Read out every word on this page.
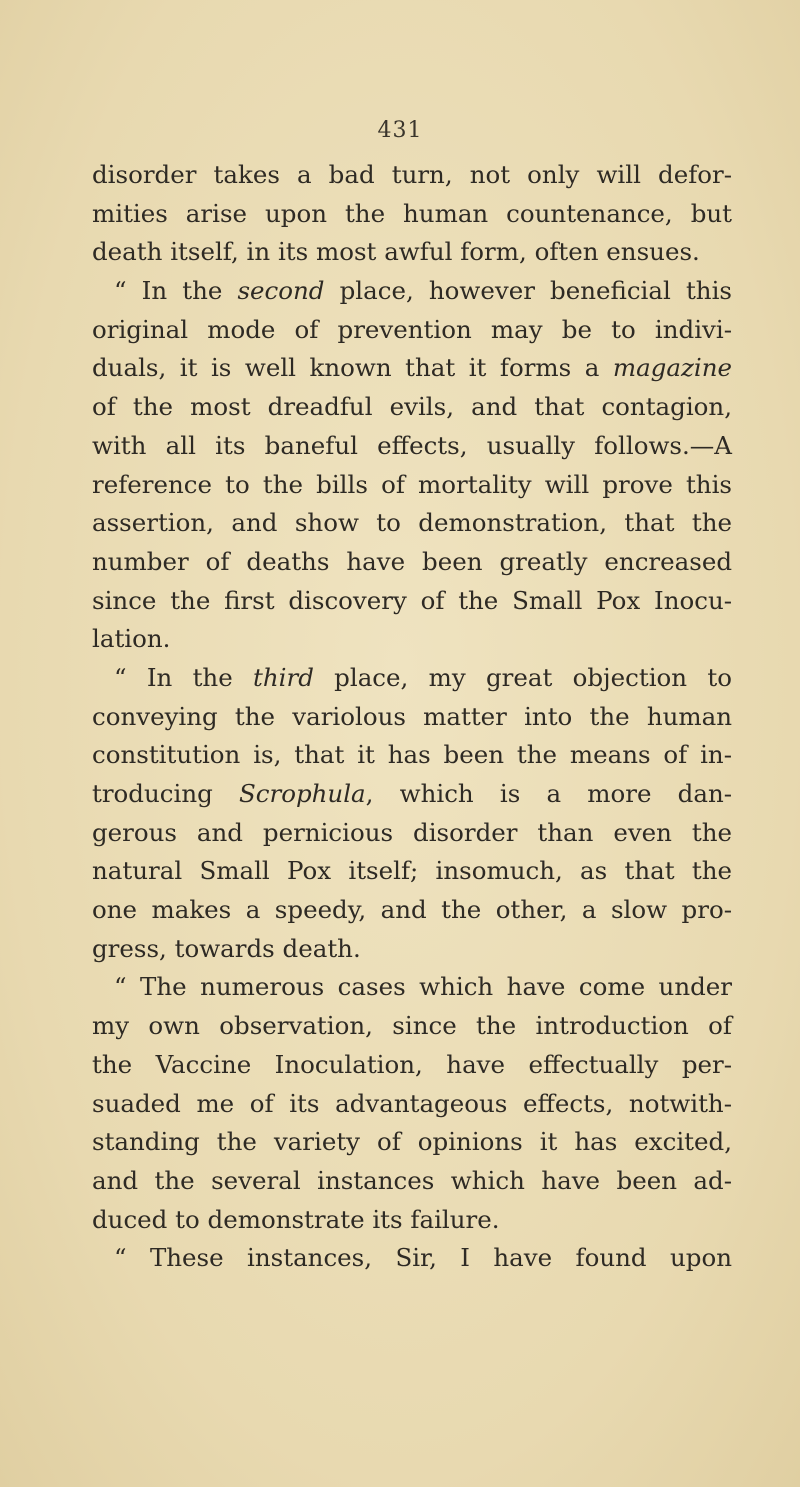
431
disorder takes a bad turn, not only will defor-
mities arise upon the human countenance, but
death itself, in its most awful form, often ensues.
“ In the second place, however beneficial this
original mode of prevention may be to indivi-
duals, it is well known that it forms a magazine
of the most dreadful evils, and that contagion,
with all its baneful effects, usually follows.—A
reference to the bills of mortality will prove this
assertion, and show to demonstration, that the
number of deaths have been greatly encreased
since the first discovery of the Small Pox Inocu-
lation.
“ In the third place, my great objection to
conveying the variolous matter into the human
constitution is, that it has been the means of in-
troducing Scrophula, which is a more dan-
gerous and pernicious disorder than even the
natural Small Pox itself; insomuch, as that the
one makes a speedy, and the other, a slow pro-
gress, towards death.
“ The numerous cases which have come under
my own observation, since the introduction of
the Vaccine Inoculation, have effectually per-
suaded me of its advantageous effects, notwith-
standing the variety of opinions it has excited,
and the several instances which have been ad-
duced to demonstrate its failure.
“ These instances, Sir, I have found upon
